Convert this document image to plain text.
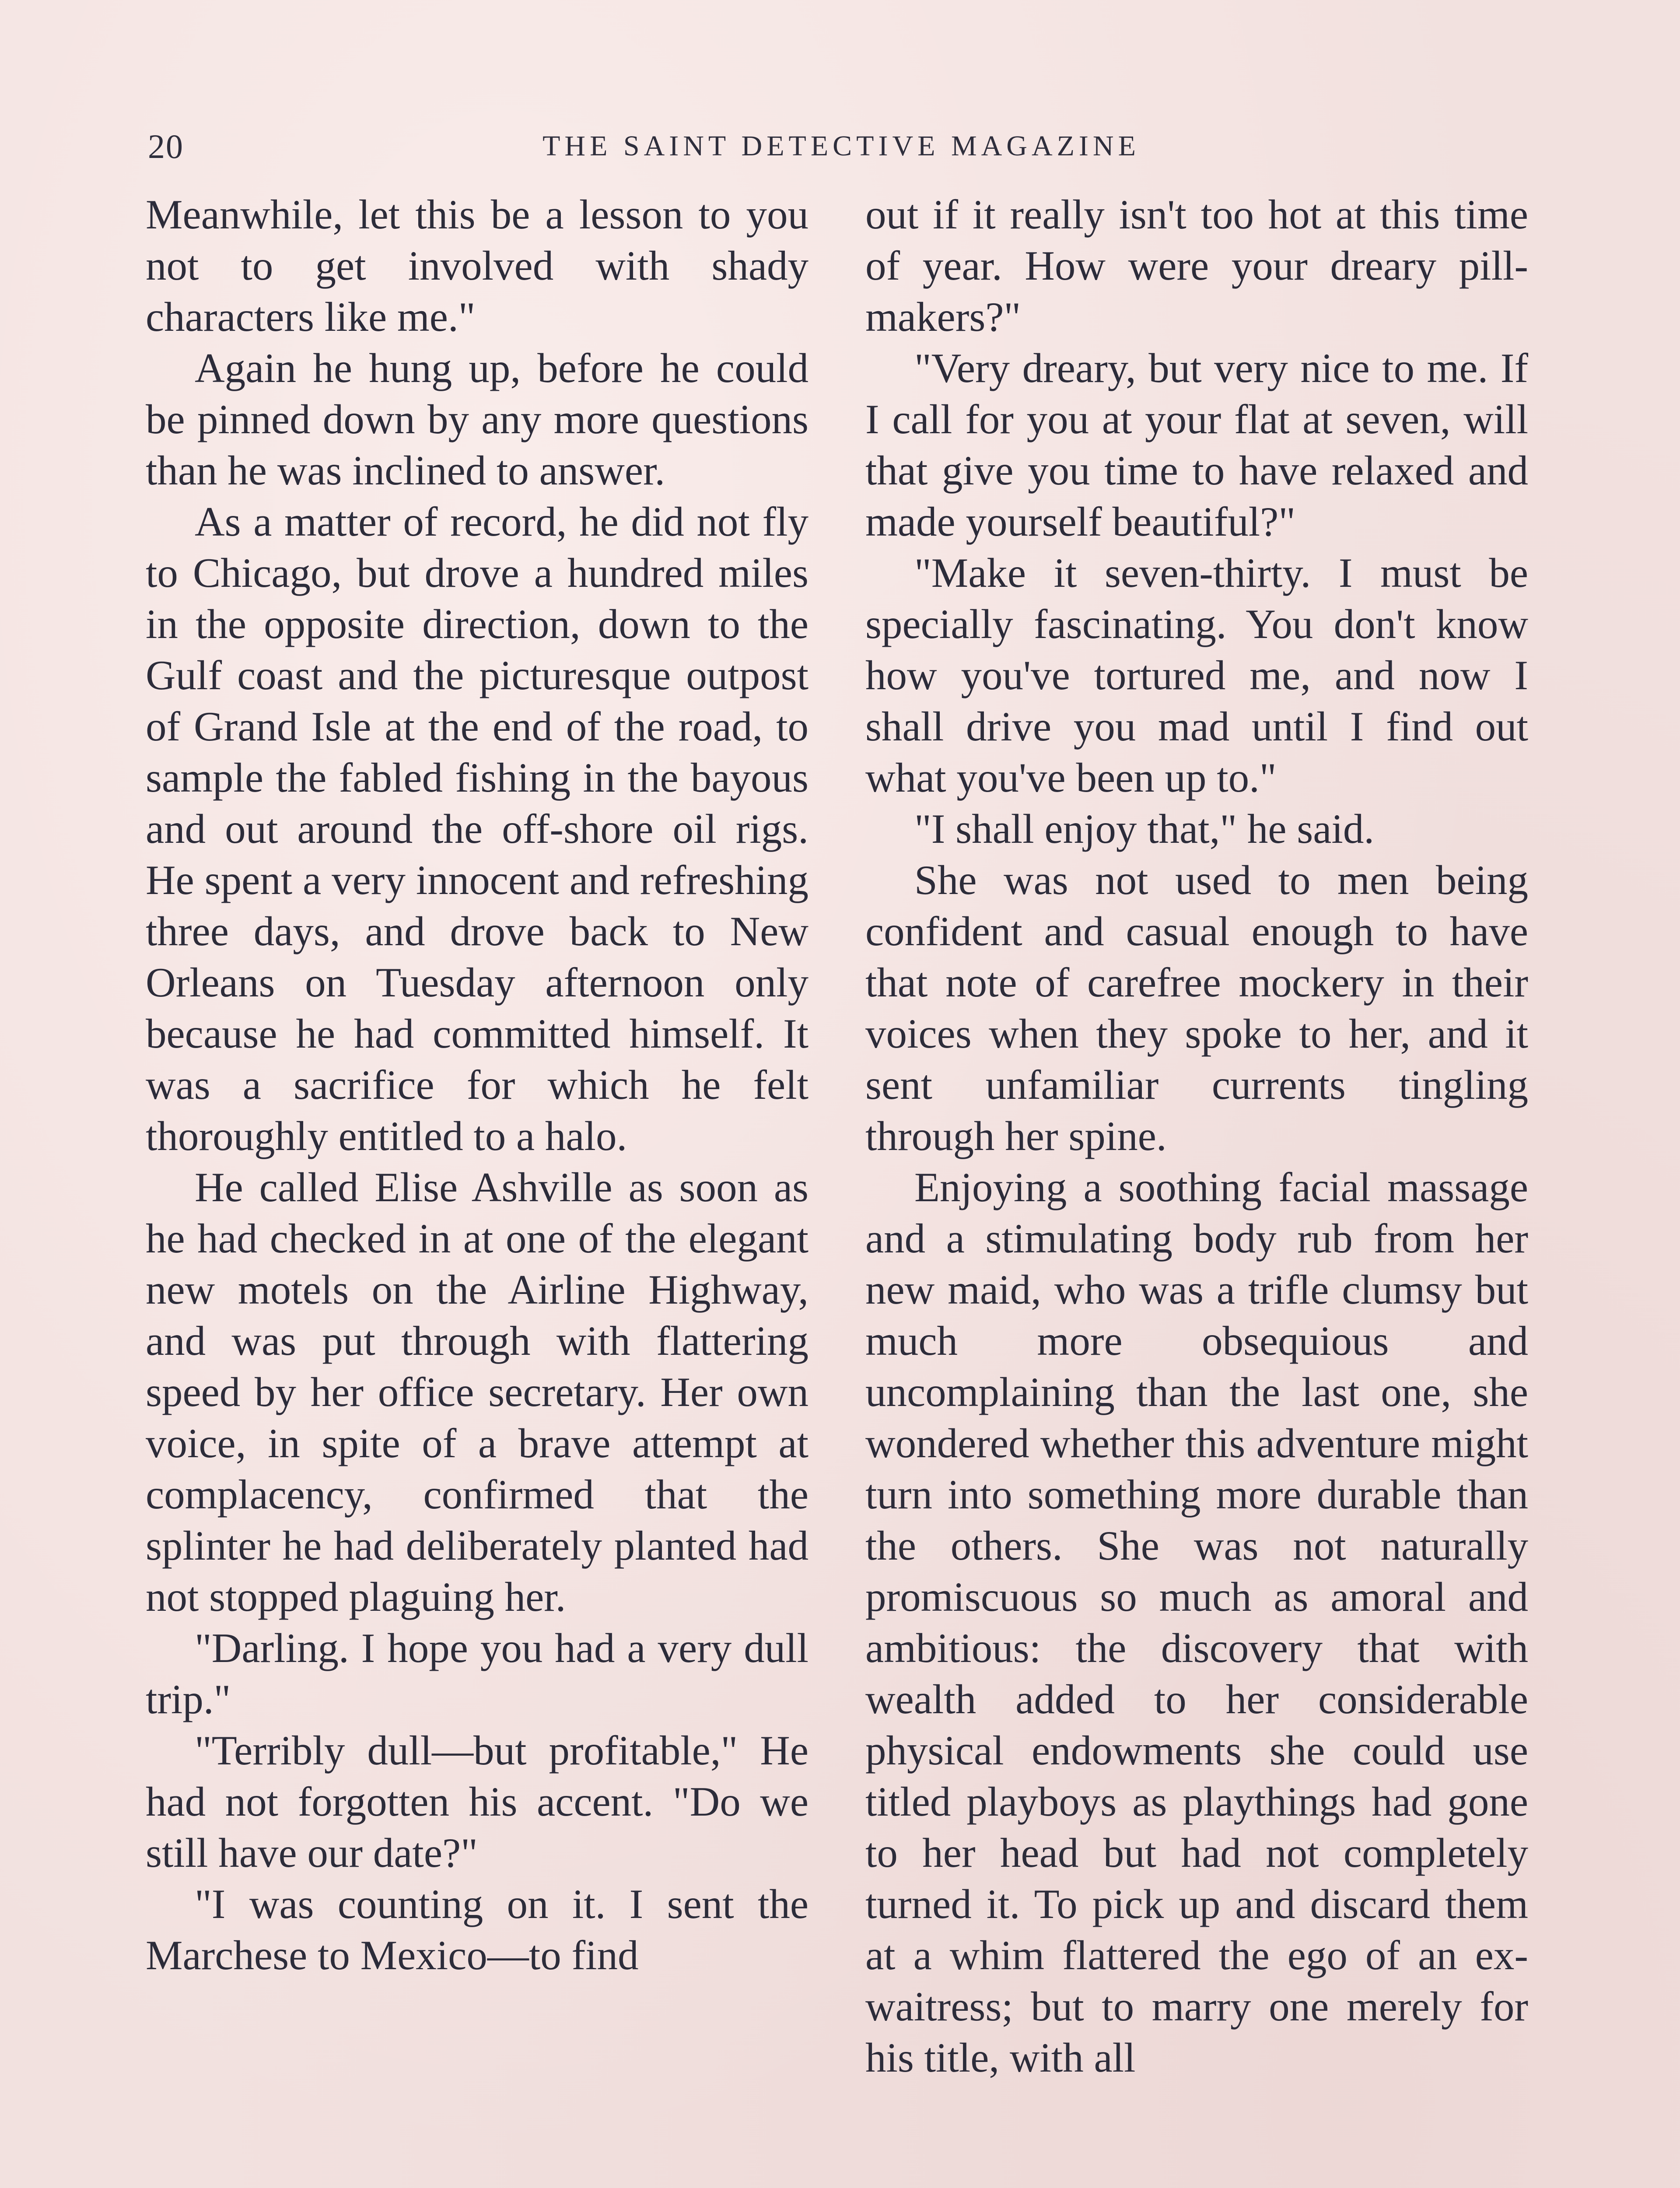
20	THE SAINT DETECTIVE MAGAZINE

Meanwhile, let this be a lesson to you not to get involved with shady characters like me."

Again he hung up, before he could be pinned down by any more questions than he was inclined to answer.

As a matter of record, he did not fly to Chicago, but drove a hundred miles in the opposite direction, down to the Gulf coast and the picturesque outpost of Grand Isle at the end of the road, to sample the fabled fishing in the bayous and out around the off-shore oil rigs. He spent a very innocent and refreshing three days, and drove back to New Orleans on Tuesday afternoon only because he had committed himself. It was a sacrifice for which he felt thoroughly entitled to a halo.

He called Elise Ashville as soon as he had checked in at one of the elegant new motels on the Airline Highway, and was put through with flattering speed by her office secretary. Her own voice, in spite of a brave attempt at complacency, confirmed that the splinter he had deliberately planted had not stopped plaguing her.

"Darling. I hope you had a very dull trip."

"Terribly dull—but profitable," He had not forgotten his accent. "Do we still have our date?"

"I was counting on it. I sent the Marchese to Mexico—to find

out if it really isn't too hot at this time of year. How were your dreary pill-makers?"

"Very dreary, but very nice to me. If I call for you at your flat at seven, will that give you time to have relaxed and made yourself beautiful?"

"Make it seven-thirty. I must be specially fascinating. You don't know how you've tortured me, and now I shall drive you mad until I find out what you've been up to."

"I shall enjoy that," he said.

She was not used to men being confident and casual enough to have that note of carefree mockery in their voices when they spoke to her, and it sent unfamiliar currents tingling through her spine.

Enjoying a soothing facial massage and a stimulating body rub from her new maid, who was a trifle clumsy but much more obsequious and uncomplaining than the last one, she wondered whether this adventure might turn into something more durable than the others. She was not naturally promiscuous so much as amoral and ambitious: the discovery that with wealth added to her considerable physical endowments she could use titled playboys as playthings had gone to her head but had not completely turned it. To pick up and discard them at a whim flattered the ego of an ex-waitress; but to marry one merely for his title, with all
